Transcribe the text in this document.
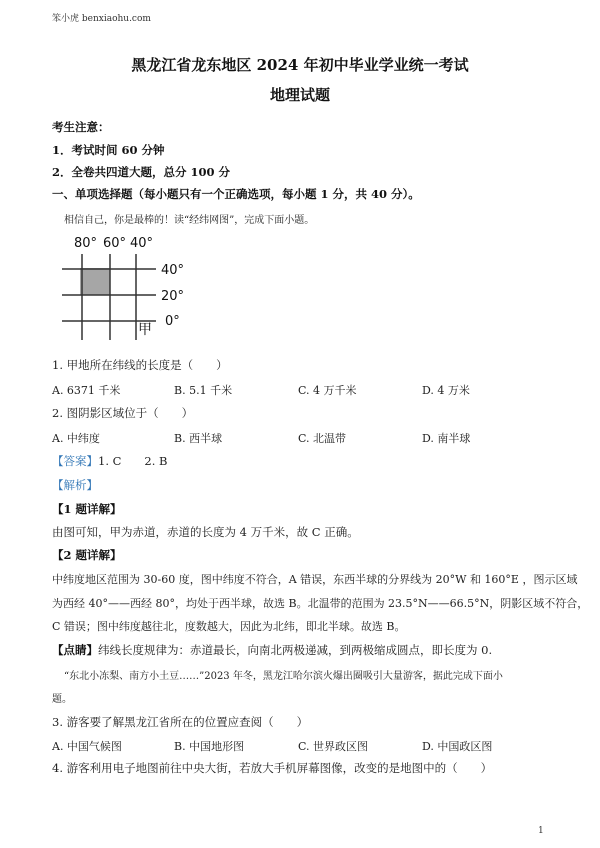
笨小虎 benxiaohu.com
黑龙江省龙东地区 2024 年初中毕业学业统一考试
地理试题
考生注意：
1．考试时间 60 分钟
2．全卷共四道大题，总分 100 分
一、单项选择题（每小题只有一个正确选项，每小题 1 分，共 40 分）。
相信自己，你是最棒的！读“经纬网图”，完成下面小题。
80° 60° 40°
40°
20°
0°
甲
1. 甲地所在纬线的长度是（　　）
A. 6371 千米	B. 5.1 千米	C. 4 万千米	D. 4 万米
2. 图阴影区域位于（　　）
A. 中纬度	B. 西半球	C. 北温带	D. 南半球
【答案】1. C　　2. B
【解析】
【1 题详解】
由图可知，甲为赤道，赤道的长度为 4 万千米，故 C 正确。
【2 题详解】
中纬度地区范围为 30-60 度，图中纬度不符合，A 错误，东西半球的分界线为 20°W 和 160°E ，图示区域
为西经 40°——西经 80°，均处于西半球，故选 B。北温带的范围为 23.5°N——66.5°N，阴影区域不符合，
C 错误；图中纬度越往北，度数越大，因此为北纬，即北半球。故选 B。
【点睛】纬线长度规律为：赤道最长，向南北两极递减，到两极缩成圆点，即长度为 0.
“东北小冻梨、南方小土豆……”2023 年冬，黑龙江哈尔滨火爆出圈吸引大量游客，据此完成下面小
题。
3. 游客要了解黑龙江省所在的位置应查阅（　　）
A. 中国气候图	B. 中国地形图	C. 世界政区图	D. 中国政区图
4. 游客利用电子地图前往中央大街，若放大手机屏幕图像，改变的是地图中的（　　）
1
